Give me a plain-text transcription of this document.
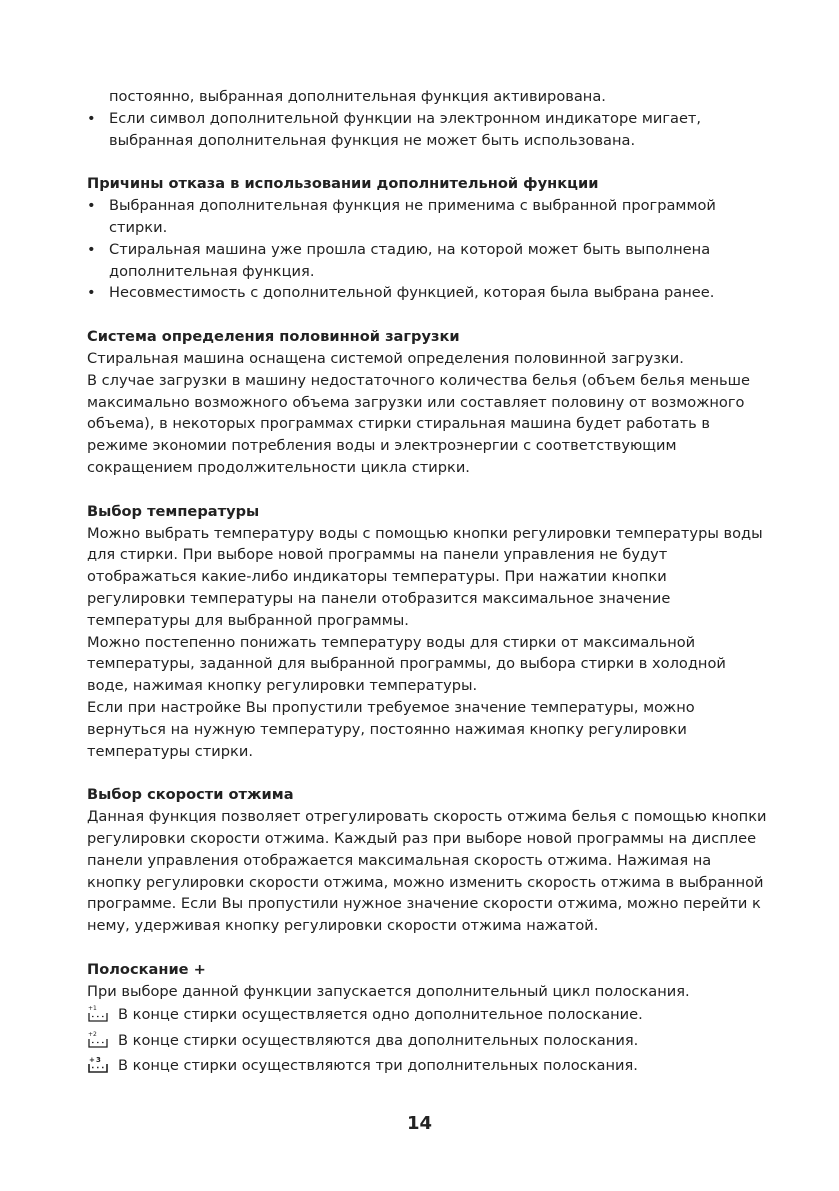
постоянно, выбранная дополнительная функция активирована.

• Если символ дополнительной функции на электронном индикаторе мигает, выбранная дополнительная функция не может быть использована.
Причины отказа в использовании дополнительной функции
• Выбранная дополнительная функция не применима с выбранной программой стирки.
• Стиральная машина уже прошла стадию, на которой может быть выполнена дополнительная функция.
• Несовместимость с дополнительной функцией, которая была выбрана ранее.
Система определения половинной загрузки

Стиральная машина оснащена системой определения половинной загрузки.

В случае загрузки в машину недостаточного количества белья (объем белья меньше максимально возможного объема загрузки или составляет половину от возможного объема), в некоторых программах стирки стиральная машина будет работать в режиме экономии потребления воды и электроэнергии с соответствующим сокращением продолжительности цикла стирки.

Выбор температуры

Можно выбрать температуру воды с помощью кнопки регулировки температуры воды для стирки. При выборе новой программы на панели управления не будут отображаться какие-либо индикаторы температуры. При нажатии кнопки регулировки температуры на панели отобразится максимальное значение температуры для выбранной программы.

Можно постепенно понижать температуру воды для стирки от максимальной температуры, заданной для выбранной программы, до выбора стирки в холодной воде, нажимая кнопку регулировки температуры.

Если при настройке Вы пропустили требуемое значение температуры, можно вернуться на нужную температуру, постоянно нажимая кнопку регулировки температуры стирки.

Выбор скорости отжима

Данная функция позволяет отрегулировать скорость отжима белья с помощью кнопки регулировки скорости отжима. Каждый раз при выборе новой программы на дисплее панели управления отображается максимальная скорость отжима. Нажимая на кнопку регулировки скорости отжима, можно изменить скорость отжима в выбранной программе. Если Вы пропустили нужное значение скорости отжима, можно перейти к нему, удерживая кнопку регулировки скорости отжима нажатой.

Полоскание +

При выборе данной функции запускается дополнительный цикл полоскания.

+ 1 В конце стирки осуществляется одно дополнительное полоскание.
+ 2 В конце стирки осуществляются два дополнительных полоскания.
+ 3 В конце стирки осуществляются три дополнительных полоскания.
14
